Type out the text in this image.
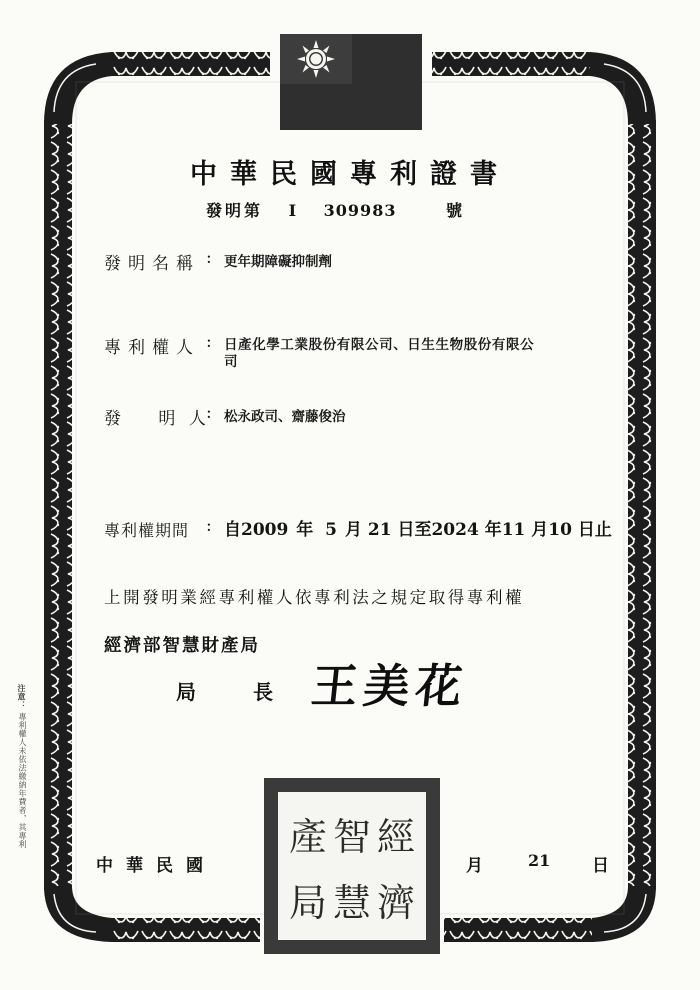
中華民國專利證書
發明第 I 309983	號
發明名稱 : 更年期障礙抑制劑
專利權人 : 日產化學工業股份有限公司、日生生物股份有限公
司
發 明 人 : 松永政司、齋藤俊治
專利權期間 : 自2009 年 5 月 21 日至2024 年11 月10 日止
上開發明業經專利權人依專利法之規定取得專利權
經濟部智慧財產局
局	長 王美花
注意： 專利權人未依法繳納年費者，其專利	產 智 經
局 慧 濟
中華民國	月	21 日
